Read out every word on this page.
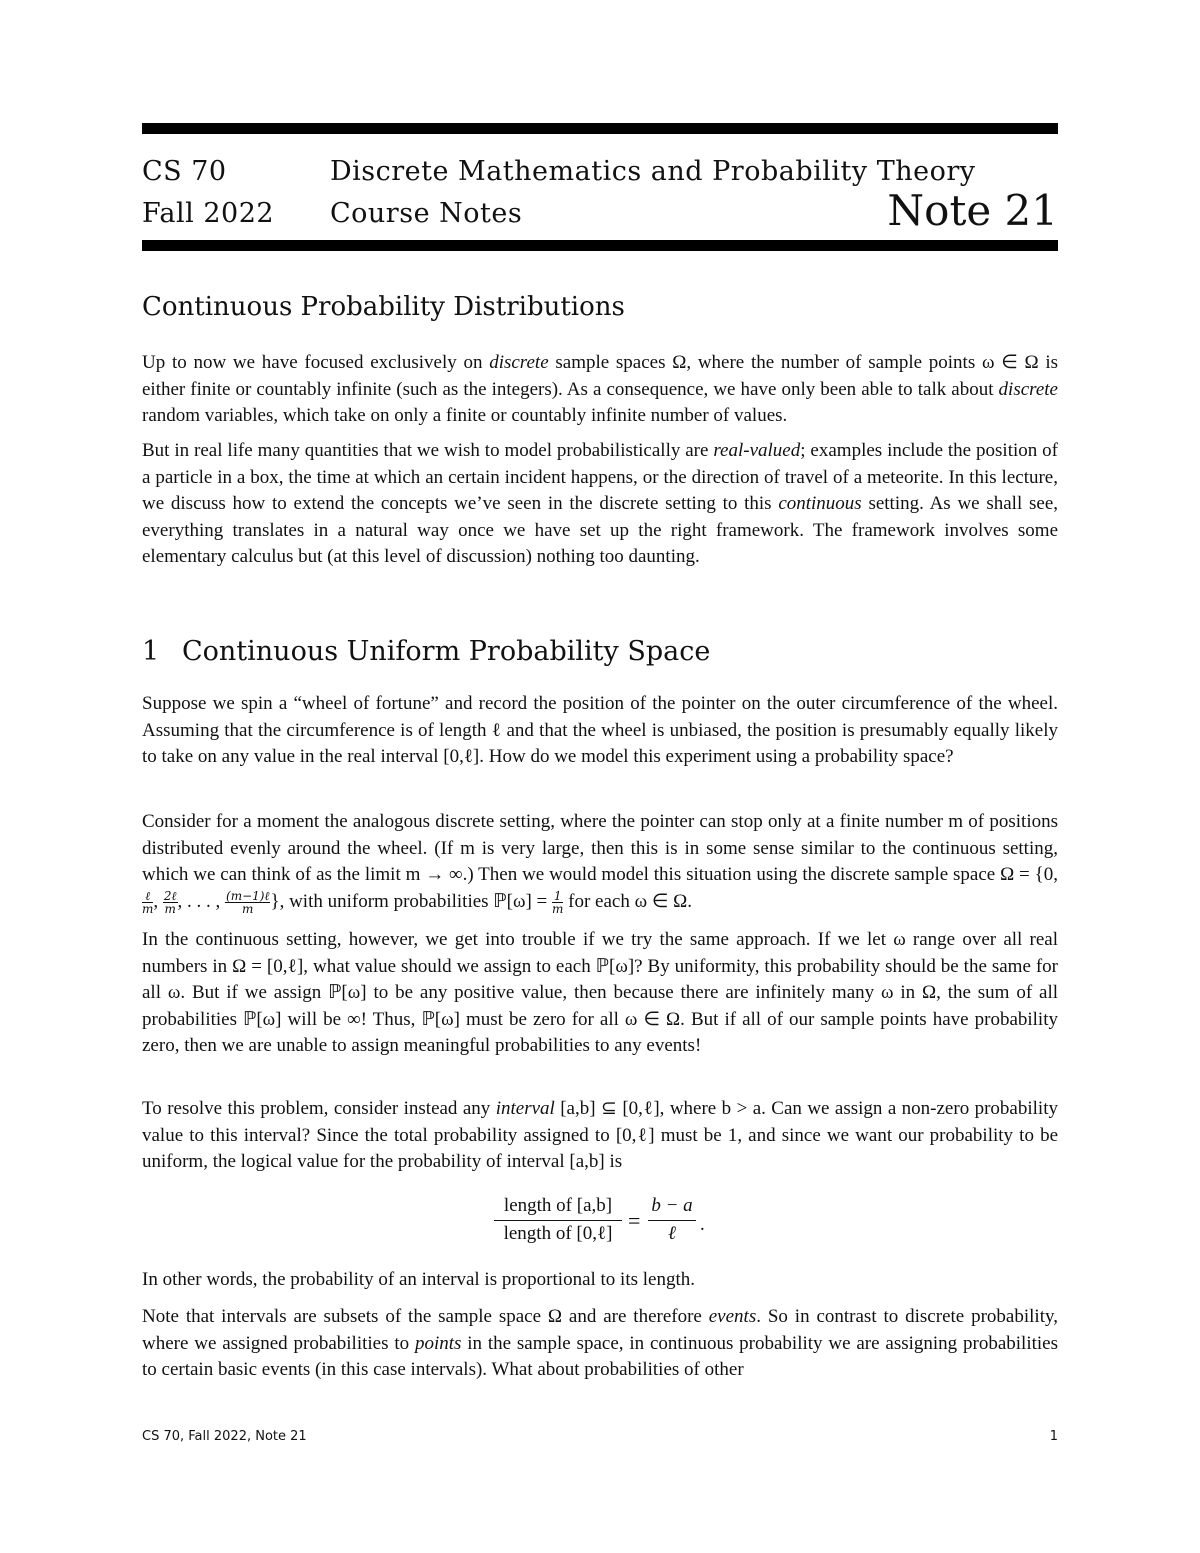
CS 70
Fall 2022
Discrete Mathematics and Probability Theory
Course Notes	Note 21
Continuous Probability Distributions

Up to now we have focused exclusively on discrete sample spaces Ω, where the number of sample points ω ∈ Ω is either finite or countably infinite (such as the integers). As a consequence, we have only been able to talk about discrete random variables, which take on only a finite or countably infinite number of values.

But in real life many quantities that we wish to model probabilistically are real-valued; examples include the position of a particle in a box, the time at which an certain incident happens, or the direction of travel of a meteorite. In this lecture, we discuss how to extend the concepts we’ve seen in the discrete setting to this continuous setting. As we shall see, everything translates in a natural way once we have set up the right framework. The framework involves some elementary calculus but (at this level of discussion) nothing too daunting.

1 Continuous Uniform Probability Space

Suppose we spin a “wheel of fortune” and record the position of the pointer on the outer circumference of the wheel. Assuming that the circumference is of length ℓ and that the wheel is unbiased, the position is presumably equally likely to take on any value in the real interval [0,ℓ]. How do we model this experiment using a probability space?

Consider for a moment the analogous discrete setting, where the pointer can stop only at a finite number m of positions distributed evenly around the wheel. (If m is very large, then this is in some sense similar to the continuous setting, which we can think of as the limit m → ∞.) Then we would model this situation using the discrete sample space Ω = {0,
$\frac{\text{ℓ}}{m}$ , $\frac{\text{2ℓ}}{m}$ , . . . , $\frac{\text{(m−1)ℓ}}{m}$ }, with uniform probabilities ℙ[ω] = $\frac{1}{m}$ for each ω ∈ Ω.

In the continuous setting, however, we get into trouble if we try the same approach. If we let ω range over all real numbers in Ω = [0,ℓ], what value should we assign to each ℙ[ω]? By uniformity, this probability should be the same for all ω. But if we assign ℙ[ω] to be any positive value, then because there are infinitely many ω in Ω, the sum of all probabilities ℙ[ω] will be ∞! Thus, ℙ[ω] must be zero for all ω ∈ Ω. But if all of our sample points have probability zero, then we are unable to assign meaningful probabilities to any events!

To resolve this problem, consider instead any interval [a,b] ⊆ [0,ℓ], where b > a. Can we assign a non-zero probability value to this interval? Since the total probability assigned to [0,ℓ] must be 1, and since we want our probability to be uniform, the logical value for the probability of interval [a,b] is

length of [a,b]
length of [0,ℓ]
=
b − a
ℓ	.

In other words, the probability of an interval is proportional to its length.

Note that intervals are subsets of the sample space Ω and are therefore events. So in contrast to discrete probability, where we assigned probabilities to points in the sample space, in continuous probability we are assigning probabilities to certain basic events (in this case intervals). What about probabilities of other

CS 70, Fall 2022, Note 21	1
